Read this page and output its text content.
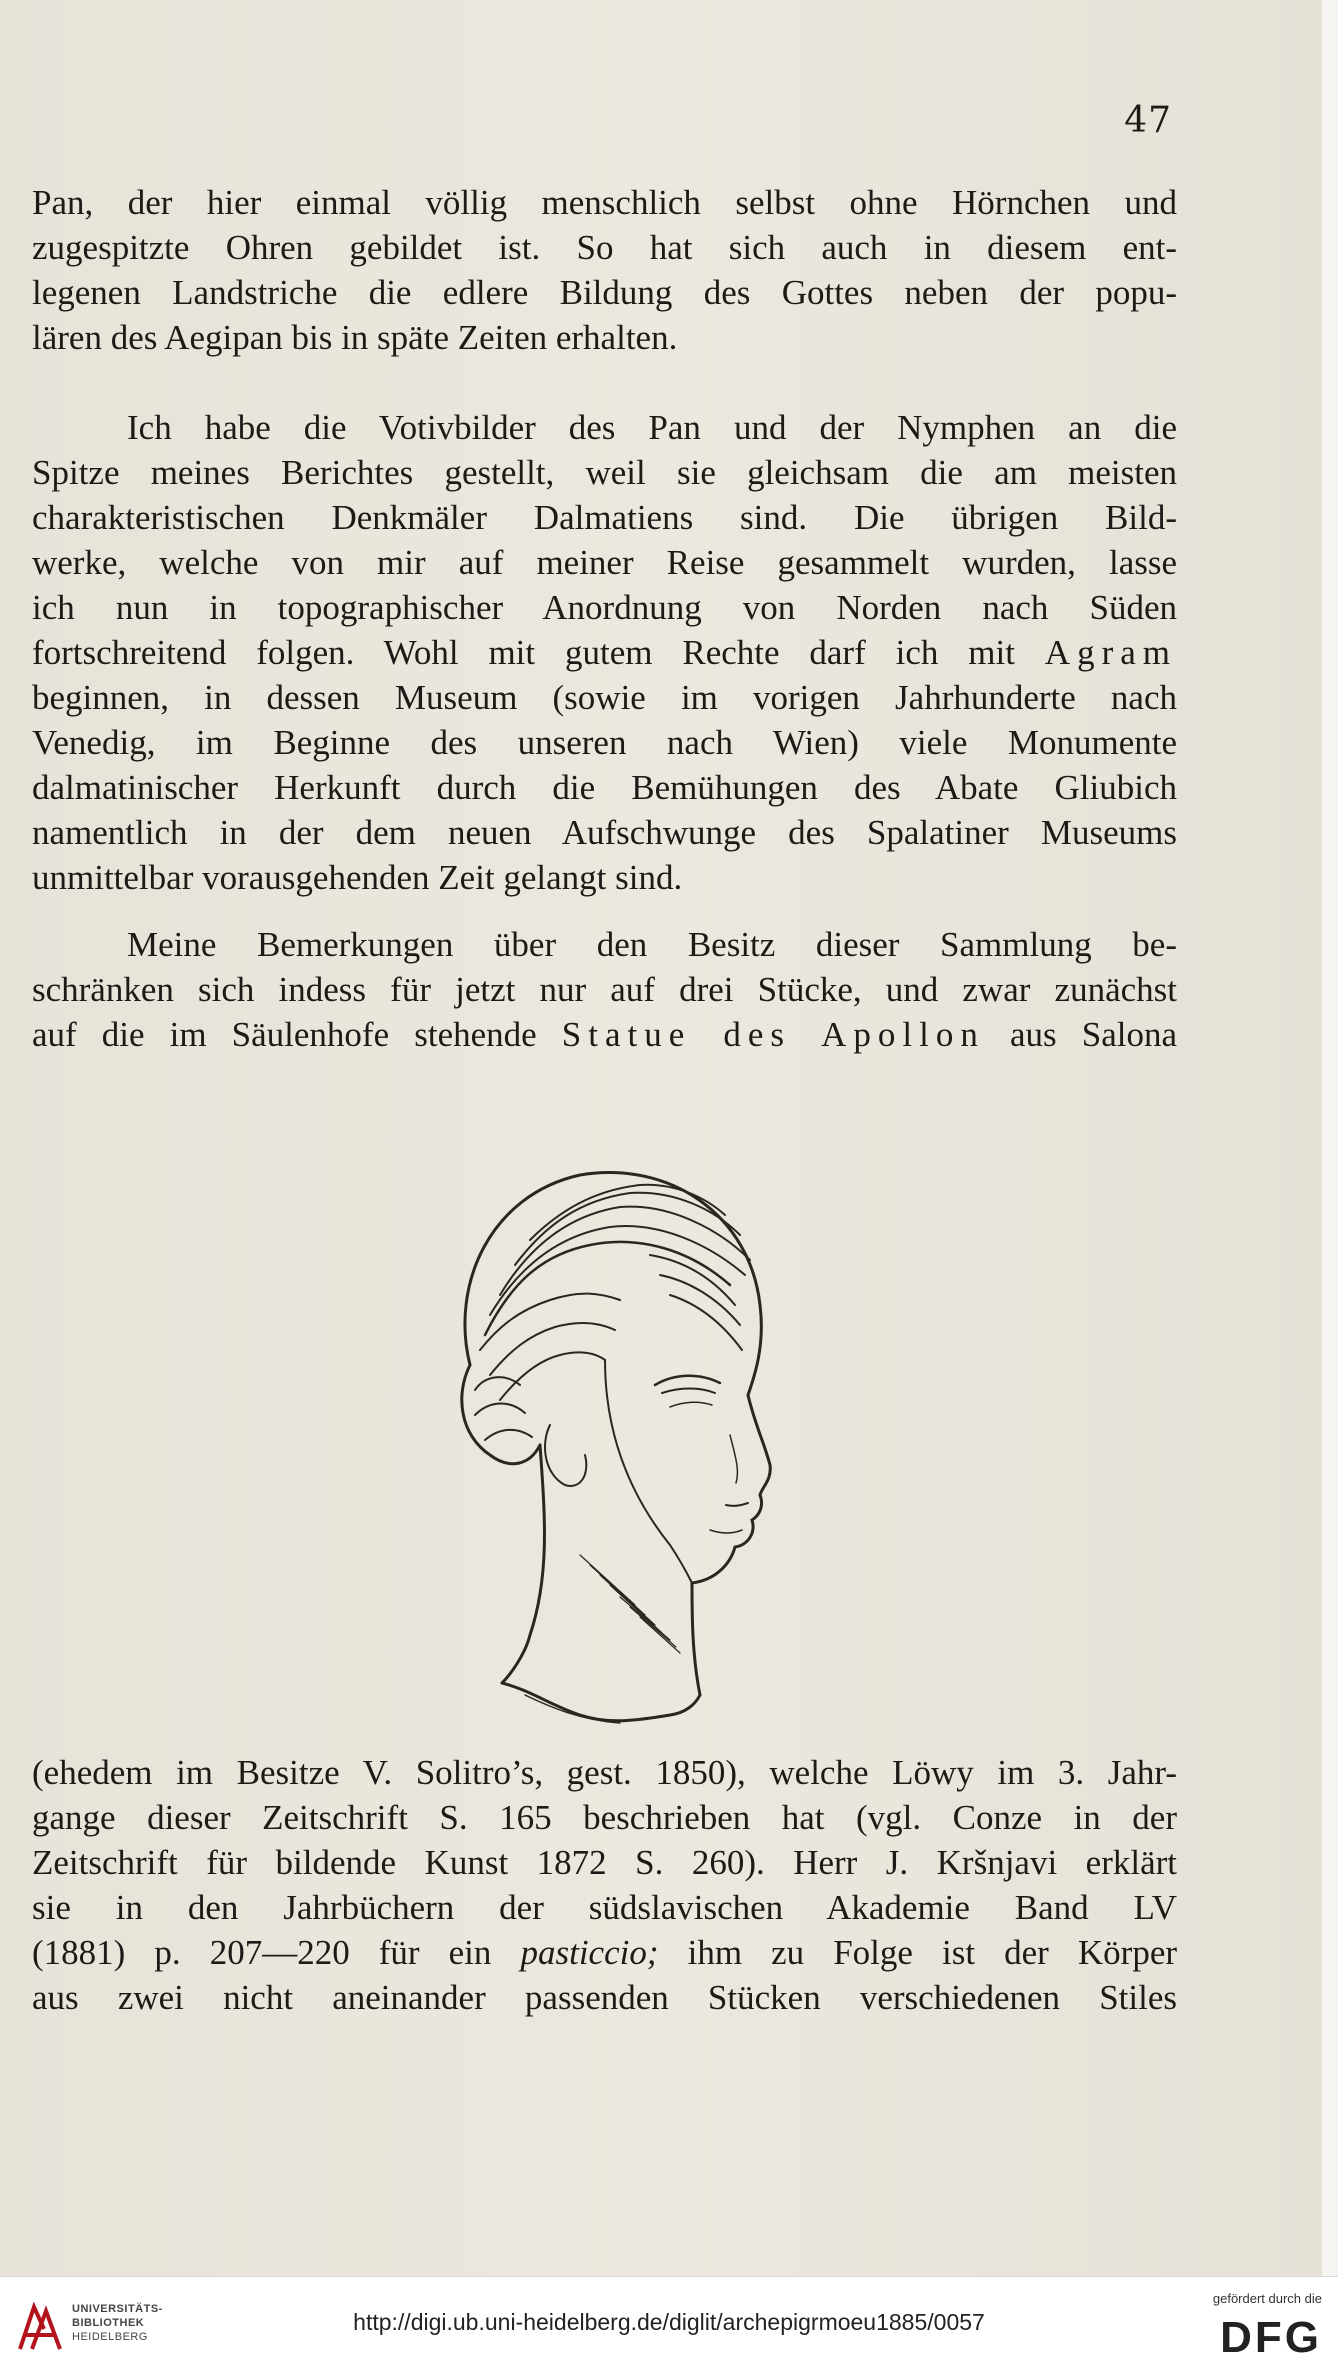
47
Pan, der hier einmal völlig menschlich selbst ohne Hörnchen und
zugespitzte Ohren gebildet ist. So hat sich auch in diesem ent-
legenen Landstriche die edlere Bildung des Gottes neben der popu-
lären des Aegipan bis in späte Zeiten erhalten.
Ich habe die Votivbilder des Pan und der Nymphen an die
Spitze meines Berichtes gestellt, weil sie gleichsam die am meisten
charakteristischen Denkmäler Dalmatiens sind. Die übrigen Bild-
werke, welche von mir auf meiner Reise gesammelt wurden, lasse
ich nun in topographischer Anordnung von Norden nach Süden
fortschreitend folgen. Wohl mit gutem Rechte darf ich mit Agram
beginnen, in dessen Museum (sowie im vorigen Jahrhunderte nach
Venedig, im Beginne des unseren nach Wien) viele Monumente
dalmatinischer Herkunft durch die Bemühungen des Abate Gliubich
namentlich in der dem neuen Aufschwunge des Spalatiner Museums
unmittelbar vorausgehenden Zeit gelangt sind.
Meine Bemerkungen über den Besitz dieser Sammlung be-
schränken sich indess für jetzt nur auf drei Stücke, und zwar zunächst
auf die im Säulenhofe stehende Statue des Apollon aus Salona
(ehedem im Besitze V. Solitro’s, gest. 1850), welche Löwy im 3. Jahr-
gange dieser Zeitschrift S. 165 beschrieben hat (vgl. Conze in der
Zeitschrift für bildende Kunst 1872 S. 260). Herr J. Kršnjavi erklärt
sie in den Jahrbüchern der südslavischen Akademie Band LV
(1881) p. 207—220 für ein pasticcio; ihm zu Folge ist der Körper
aus zwei nicht aneinander passenden Stücken verschiedenen Stiles
UNIVERSITÄTS-
BIBLIOTHEK
HEIDELBERG
http://digi.ub.uni-heidelberg.de/diglit/archepigrmoeu1885/0057
gefördert durch die
DFG
